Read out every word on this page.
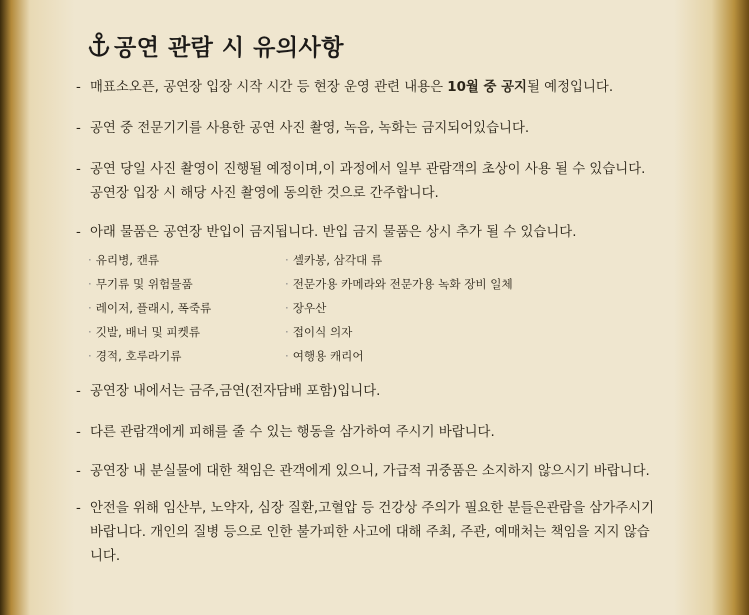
공연 관람 시 유의사항
- 매표소오픈, 공연장 입장 시작 시간 등 현장 운영 관련 내용은 10월 중 공지될 예정입니다.
- 공연 중 전문기기를 사용한 공연 사진 촬영, 녹음, 녹화는 금지되어있습니다.
- 공연 당일 사진 촬영이 진행될 예정이며,이 과정에서 일부 관람객의 초상이 사용 될 수 있습니다.
공연장 입장 시 해당 사진 촬영에 동의한 것으로 간주합니다.
- 아래 물품은 공연장 반입이 금지됩니다. 반입 금지 물품은 상시 추가 될 수 있습니다.
· 유리병, 캔류
· 무기류 및 위험물품
· 레이저, 플래시, 폭죽류
· 깃발, 배너 및 피켓류
· 경적, 호루라기류
· 셀카봉, 삼각대 류
· 전문가용 카메라와 전문가용 녹화 장비 일체
· 장우산
· 접이식 의자
· 여행용 캐리어
- 공연장 내에서는 금주,금연(전자담배 포함)입니다.
- 다른 관람객에게 피해를 줄 수 있는 행동을 삼가하여 주시기 바랍니다.
- 공연장 내 분실물에 대한 책임은 관객에게 있으니, 가급적 귀중품은 소지하지 않으시기 바랍니다.
- 안전을 위해 임산부, 노약자, 심장 질환,고혈압 등 건강상 주의가 필요한 분들은관람을 삼가주시기
바랍니다. 개인의 질병 등으로 인한 불가피한 사고에 대해 주최, 주관, 예매처는 책임을 지지 않습
니다.
